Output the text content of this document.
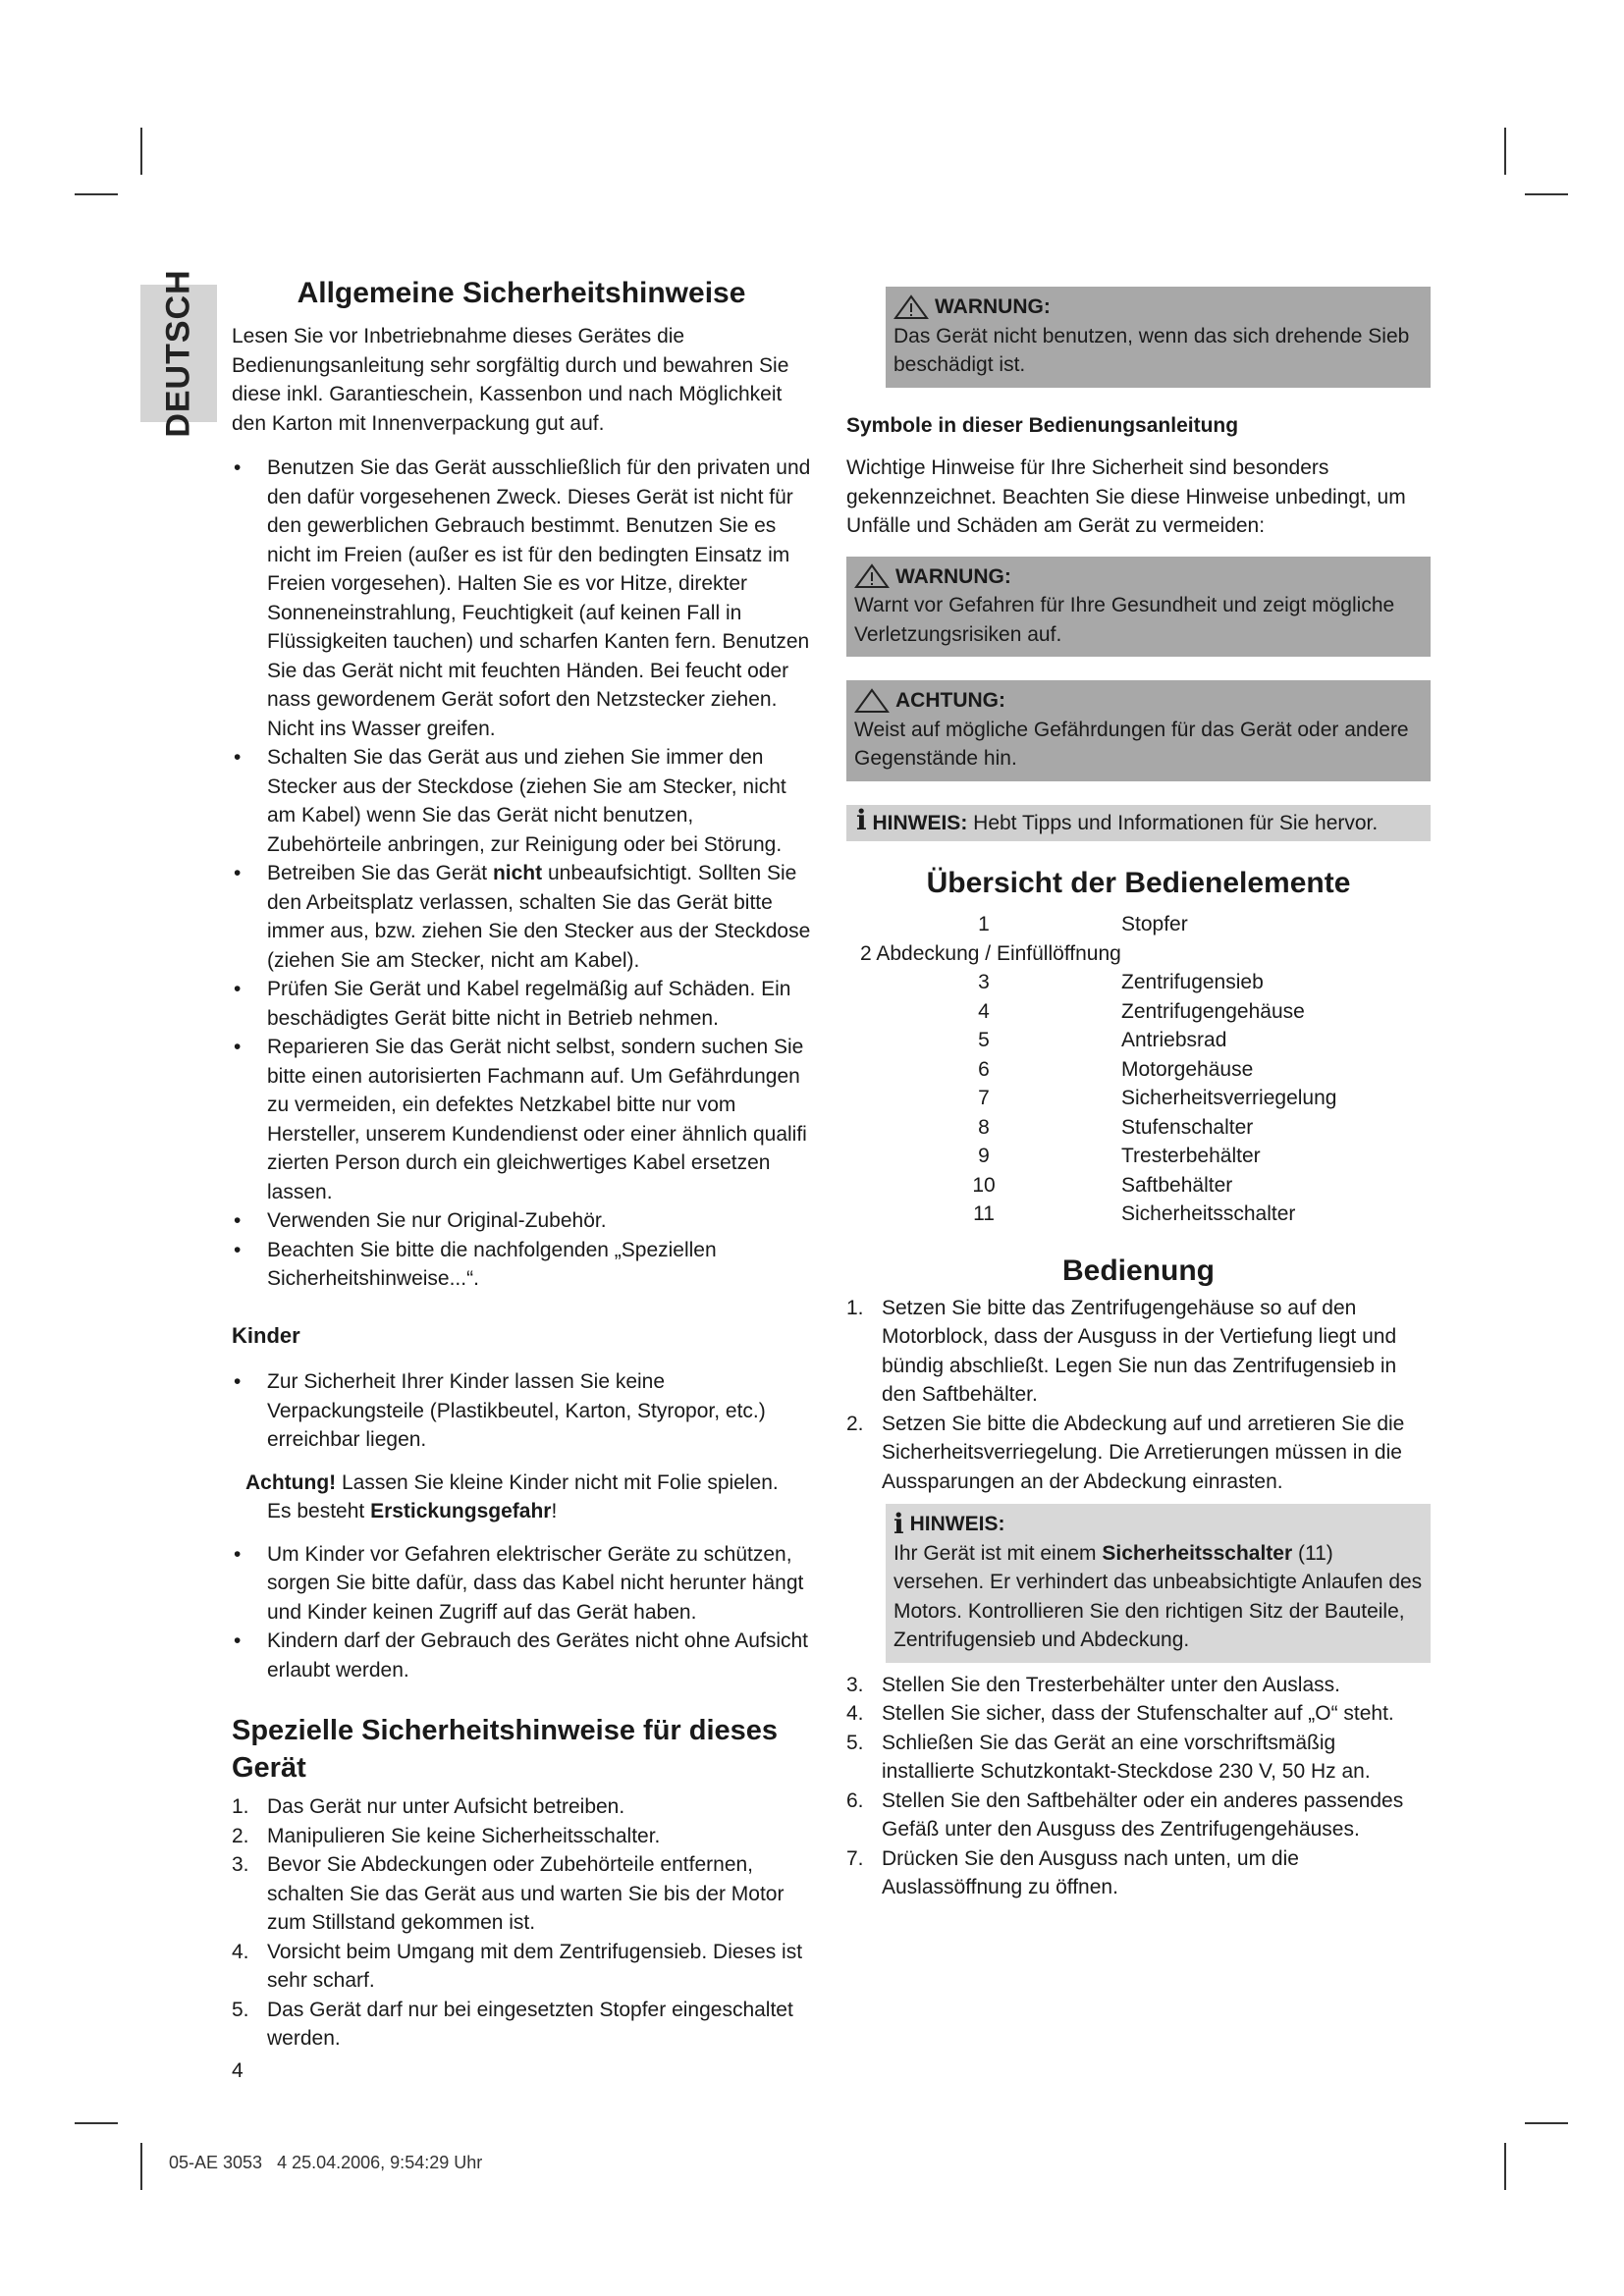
DEUTSCH	Allgemeine Sicherheitshinweise

Lesen Sie vor Inbetriebnahme dieses Gerätes die Bedienungsanleitung sehr sorgfältig durch und bewahren Sie diese inkl. Garantieschein, Kassenbon und nach Möglichkeit den Karton mit Innenverpackung gut auf.

• Benutzen Sie das Gerät ausschließlich für den privaten und den dafür vorgesehenen Zweck. Dieses Gerät ist nicht für den gewerblichen Gebrauch bestimmt. Benutzen Sie es nicht im Freien (außer es ist für den bedingten Einsatz im Freien vorgesehen). Halten Sie es vor Hitze, direkter Sonneneinstrahlung, Feuchtigkeit (auf keinen Fall in Flüssigkeiten tauchen) und scharfen Kanten fern. Benutzen Sie das Gerät nicht mit feuchten Händen. Bei feucht oder nass gewordenem Gerät sofort den Netzstecker ziehen. Nicht ins Wasser greifen.
• Schalten Sie das Gerät aus und ziehen Sie immer den Stecker aus der Steckdose (ziehen Sie am Stecker, nicht am Kabel) wenn Sie das Gerät nicht benutzen, Zubehörteile anbringen, zur Reinigung oder bei Störung.
• Betreiben Sie das Gerät nicht unbeaufsichtigt. Sollten Sie den Arbeitsplatz verlassen, schalten Sie das Gerät bitte immer aus, bzw. ziehen Sie den Stecker aus der Steckdose (ziehen Sie am Stecker, nicht am Kabel).
• Prüfen Sie Gerät und Kabel regelmäßig auf Schäden. Ein beschädigtes Gerät bitte nicht in Betrieb nehmen.
• Reparieren Sie das Gerät nicht selbst, sondern suchen Sie bitte einen autorisierten Fachmann auf. Um Gefährdungen zu vermeiden, ein defektes Netzkabel bitte nur vom Hersteller, unserem Kundendienst oder einer ähnlich qualifi zierten Person durch ein gleichwertiges Kabel ersetzen lassen.
• Verwenden Sie nur Original-Zubehör.
• Beachten Sie bitte die nachfolgenden „Speziellen Sicherheitshinweise...“.
Kinder
• Zur Sicherheit Ihrer Kinder lassen Sie keine Verpackungsteile (Plastikbeutel, Karton, Styropor, etc.) erreichbar liegen.
Achtung! Lassen Sie kleine Kinder nicht mit Folie spielen.
Es besteht Erstickungsgefahr!
• Um Kinder vor Gefahren elektrischer Geräte zu schützen, sorgen Sie bitte dafür, dass das Kabel nicht herunter hängt und Kinder keinen Zugriff auf das Gerät haben.
• Kindern darf der Gebrauch des Gerätes nicht ohne Aufsicht erlaubt werden.
Spezielle Sicherheitshinweise für dieses Gerät
1. Das Gerät nur unter Aufsicht betreiben.
2. Manipulieren Sie keine Sicherheitsschalter.
3. Bevor Sie Abdeckungen oder Zubehörteile entfernen, schalten Sie das Gerät aus und warten Sie bis der Motor zum Stillstand gekommen ist.
4. Vorsicht beim Umgang mit dem Zentrifugensieb. Dieses ist sehr scharf.
5. Das Gerät darf nur bei eingesetzten Stopfer eingeschaltet werden.
WARNUNG:
Das Gerät nicht benutzen, wenn das sich drehende Sieb beschädigt ist.
Symbole in dieser Bedienungsanleitung

Wichtige Hinweise für Ihre Sicherheit sind besonders gekennzeichnet. Beachten Sie diese Hinweise unbedingt, um Unfälle und Schäden am Gerät zu vermeiden:

WARNUNG:
Warnt vor Gefahren für Ihre Gesundheit und zeigt mögliche Verletzungsrisiken auf.
ACHTUNG:
Weist auf mögliche Gefährdungen für das Gerät oder andere Gegenstände hin.
i HINWEIS: Hebt Tipps und Informationen für Sie hervor.
Übersicht der Bedienelemente
1	Stopfer
2 Abdeckung / Einfüllöffnung	
3	Zentrifugensieb
4	Zentrifugengehäuse
5	Antriebsrad
6	Motorgehäuse
7	Sicherheitsverriegelung
8	Stufenschalter
9	Tresterbehälter
10	Saftbehälter
11	Sicherheitsschalter
Bedienung
1. Setzen Sie bitte das Zentrifugengehäuse so auf den Motorblock, dass der Ausguss in der Vertiefung liegt und bündig abschließt. Legen Sie nun das Zentrifugensieb in den Saftbehälter.
2. Setzen Sie bitte die Abdeckung auf und arretieren Sie die Sicherheitsverriegelung. Die Arretierungen müssen in die Aussparungen an der Abdeckung einrasten.
i HINWEIS:
Ihr Gerät ist mit einem Sicherheitsschalter (11) versehen. Er verhindert das unbeabsichtigte Anlaufen des Motors. Kontrollieren Sie den richtigen Sitz der Bauteile, Zentrifugensieb und Abdeckung.
3. Stellen Sie den Tresterbehälter unter den Auslass.
4. Stellen Sie sicher, dass der Stufenschalter auf „O“ steht.
5. Schließen Sie das Gerät an eine vorschriftsmäßig installierte Schutzkontakt-Steckdose 230 V, 50 Hz an.
6. Stellen Sie den Saftbehälter oder ein anderes passendes Gefäß unter den Ausguss des Zentrifugengehäuses.
7. Drücken Sie den Ausguss nach unten, um die Auslassöffnung zu öffnen.
4
05-AE 3053   4 25.04.2006, 9:54:29 Uhr
